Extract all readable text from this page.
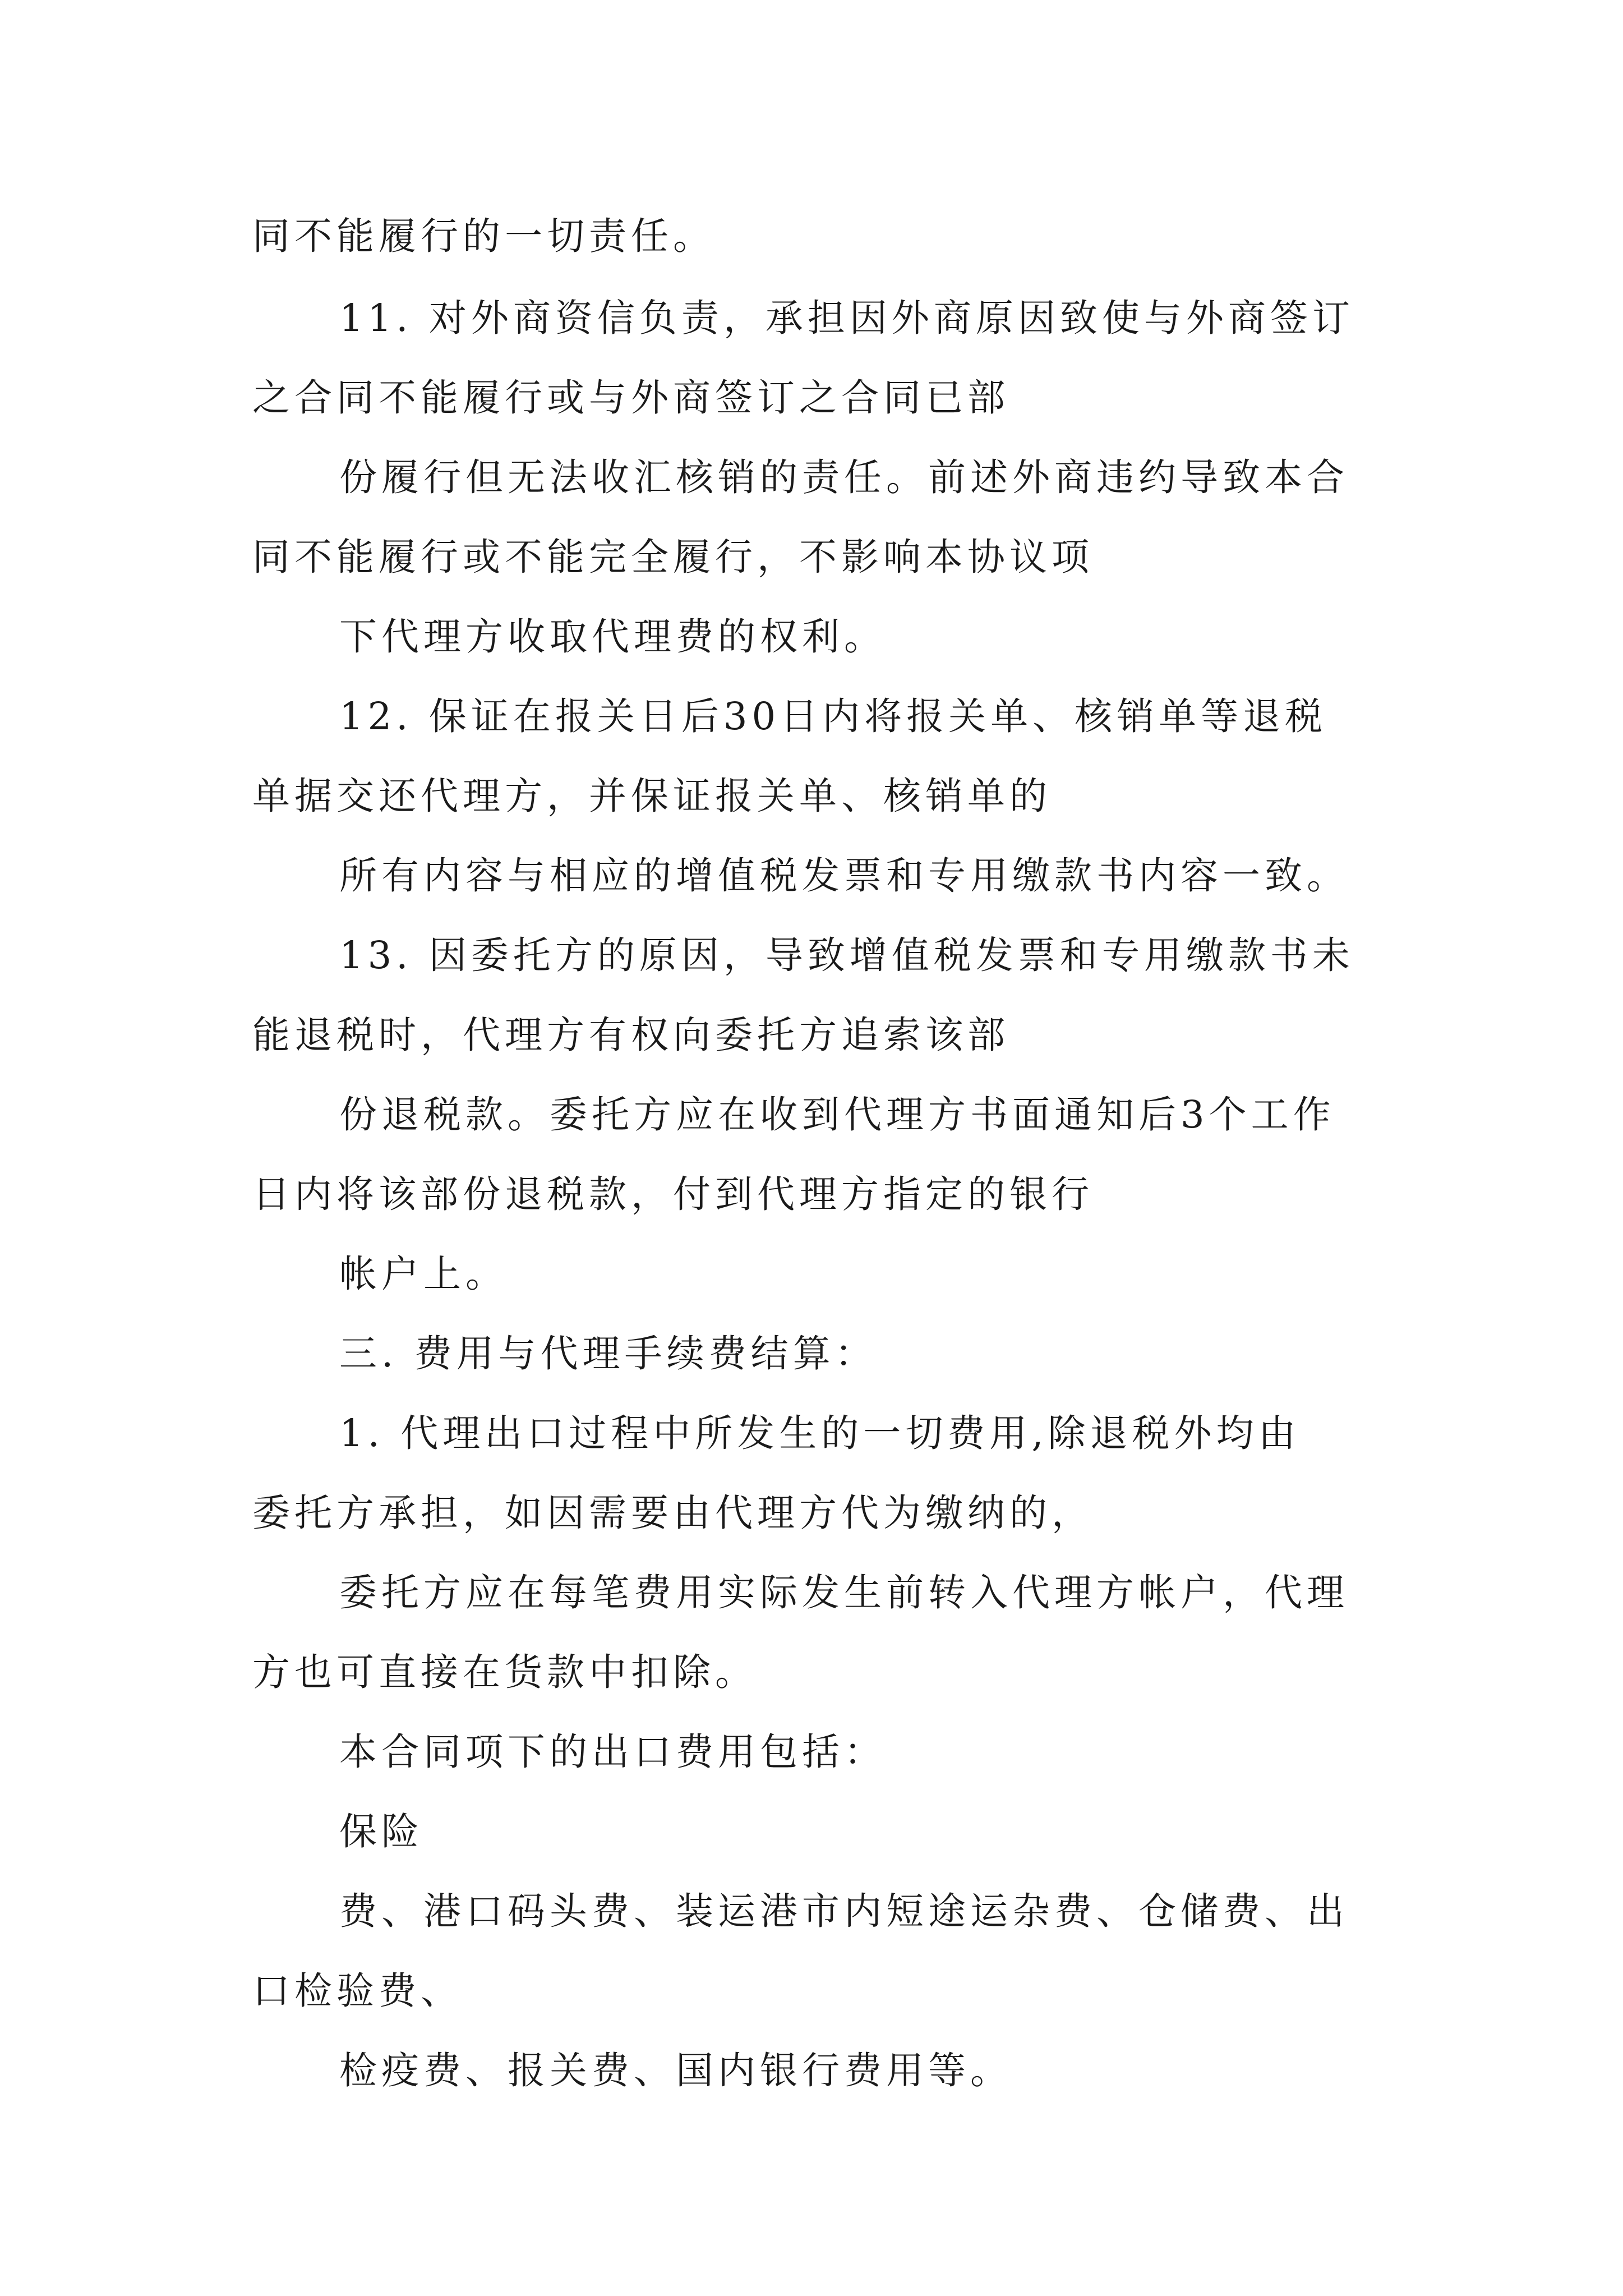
同不能履行的一切责任。
11. 对外商资信负责，承担因外商原因致使与外商签订
之合同不能履行或与外商签订之合同已部
份履行但无法收汇核销的责任。前述外商违约导致本合
同不能履行或不能完全履行，不影响本协议项
下代理方收取代理费的权利。
12. 保证在报关日后30日内将报关单、核销单等退税
单据交还代理方，并保证报关单、核销单的
所有内容与相应的增值税发票和专用缴款书内容一致。
13. 因委托方的原因，导致增值税发票和专用缴款书未
能退税时，代理方有权向委托方追索该部
份退税款。委托方应在收到代理方书面通知后3个工作
日内将该部份退税款，付到代理方指定的银行
帐户上。
三. 费用与代理手续费结算：
1. 代理出口过程中所发生的一切费用,除退税外均由
委托方承担，如因需要由代理方代为缴纳的，
委托方应在每笔费用实际发生前转入代理方帐户，代理
方也可直接在货款中扣除。
本合同项下的出口费用包括：
保险
费、港口码头费、装运港市内短途运杂费、仓储费、出
口检验费、
检疫费、报关费、国内银行费用等。
